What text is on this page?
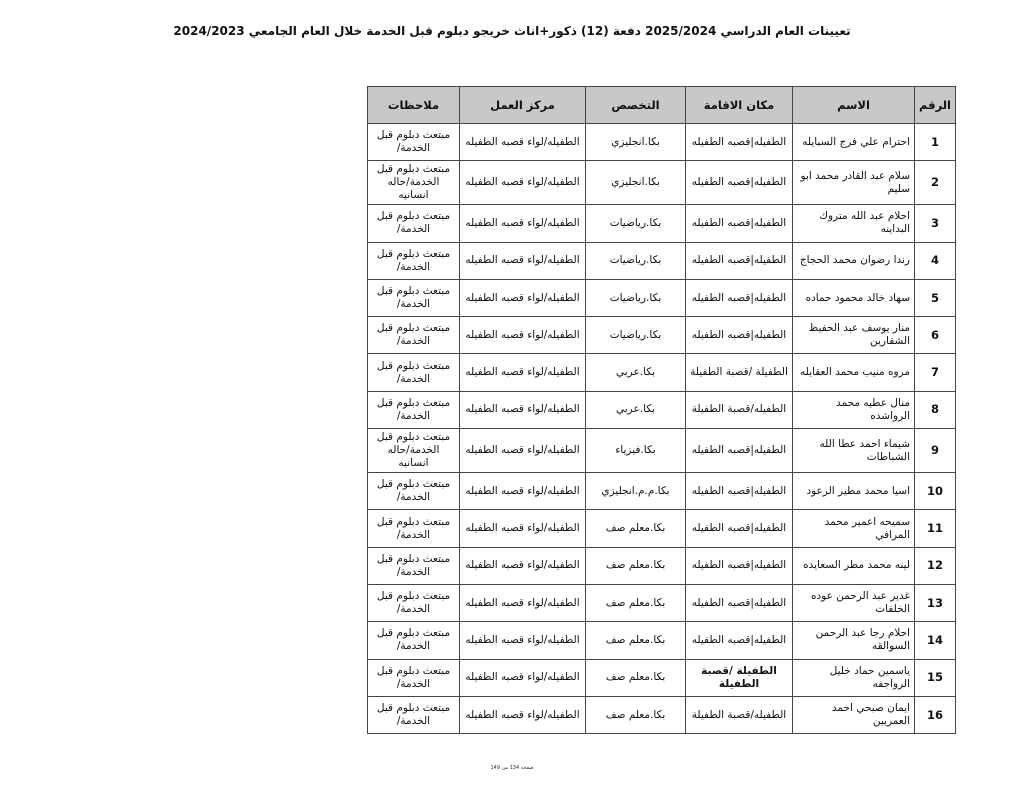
تعيينات العام الدراسي 2025/2024 دفعة (12) ذكور+اناث خريجو دبلوم قبل الخدمة خلال العام الجامعي 2024/2023
الرقم	الاسم	مكان الاقامة	التخصص	مركز العمل	ملاحظات
1	احترام علي فرج السبايله	الطفيله|قصبه الطفيله	بكا.انجليزي	الطفيله/لواء قصبه الطفيله	مبتعث دبلوم قبل الخدمة/
2	سلام عبد القادر محمد ابو سليم	الطفيله|قصبه الطفيله	بكا.انجليزي	الطفيله/لواء قصبه الطفيله	مبتعث دبلوم قبل الخدمة/حاله انسانيه
3	احلام عبد الله متروك البداينه	الطفيله|قصبه الطفيله	بكا.رياضيات	الطفيله/لواء قصبه الطفيله	مبتعث دبلوم قبل الخدمة/
4	رندا رضوان محمد الحجاج	الطفيله|قصبه الطفيله	بكا.رياضيات	الطفيله/لواء قصبه الطفيله	مبتعث دبلوم قبل الخدمة/
5	سهاد خالد محمود حماده	الطفيله|قصبه الطفيله	بكا.رياضيات	الطفيله/لواء قصبه الطفيله	مبتعث دبلوم قبل الخدمة/
6	منار يوسف عبد الحفيظ الشقارين	الطفيله|قصبه الطفيله	بكا.رياضيات	الطفيله/لواء قصبه الطفيله	مبتعث دبلوم قبل الخدمة/
7	مروه منيب محمد العقايله	الطفيلة /قصبة الطفيلة	بكا.عربي	الطفيله/لواء قصبه الطفيله	مبتعث دبلوم قبل الخدمة/
8	منال عطيه محمد الرواشده	الطفيله/قصبة الطفيلة	بكا.عربي	الطفيله/لواء قصبه الطفيله	مبتعث دبلوم قبل الخدمة/
9	شيماء احمد عطا الله الشباطات	الطفيله|قصبه الطفيله	بكا.فيزياء	الطفيله/لواء قصبه الطفيله	مبتعث دبلوم قبل الخدمة/حاله انسانيه
10	اسيا محمد مطير الرعود	الطفيله|قصبه الطفيله	بكا.م.م.انجليزي	الطفيله/لواء قصبه الطفيله	مبتعث دبلوم قبل الخدمة/
11	سميحه اعمير محمد المرافي	الطفيله|قصبه الطفيله	بكا.معلم صف	الطفيله/لواء قصبه الطفيله	مبتعث دبلوم قبل الخدمة/
12	لينه محمد مطر السعايده	الطفيله|قصبه الطفيله	بكا.معلم صف	الطفيله/لواء قصبه الطفيله	مبتعث دبلوم قبل الخدمة/
13	غدير عبد الرحمن عوده الخلفات	الطفيله|قصبه الطفيله	بكا.معلم صف	الطفيله/لواء قصبه الطفيله	مبتعث دبلوم قبل الخدمة/
14	احلام رجا عبد الرحمن السوالقه	الطفيله|قصبه الطفيله	بكا.معلم صف	الطفيله/لواء قصبه الطفيله	مبتعث دبلوم قبل الخدمة/
15	ياسمين حماد خليل الرواجفه	الطفيلة /قصبة الطفيلة	بكا.معلم صف	الطفيله/لواء قصبه الطفيله	مبتعث دبلوم قبل الخدمة/
16	ايمان صبحي احمد العمريين	الطفيله/قصبة الطفيلة	بكا.معلم صف	الطفيله/لواء قصبه الطفيله	مبتعث دبلوم قبل الخدمة/
صفحة 134 من 149
